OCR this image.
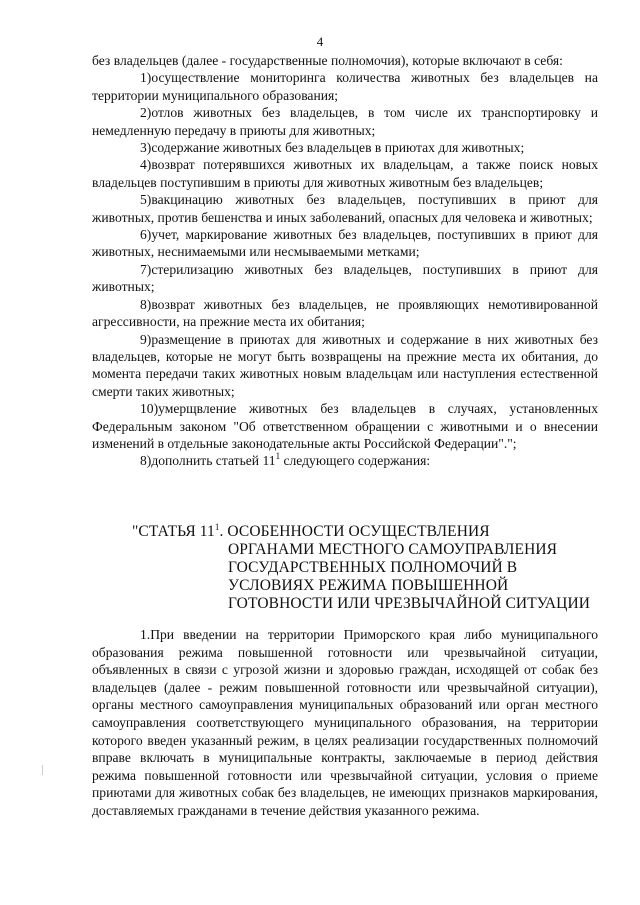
4

без владельцев (далее - государственные полномочия), которые включают в себя:

1)осуществление мониторинга количества животных без владельцев на территории муниципального образования;

2)отлов животных без владельцев, в том числе их транспортировку и немедленную передачу в приюты для животных;

3)содержание животных без владельцев в приютах для животных;

4)возврат потерявшихся животных их владельцам, а также поиск новых владельцев поступившим в приюты для животных животным без владельцев;

5)вакцинацию животных без владельцев, поступивших в приют для животных, против бешенства и иных заболеваний, опасных для человека и животных;

6)учет, маркирование животных без владельцев, поступивших в приют для животных, неснимаемыми или несмываемыми метками;

7)стерилизацию животных без владельцев, поступивших в приют для животных;

8)возврат животных без владельцев, не проявляющих немотивированной агрессивности, на прежние места их обитания;

9)размещение в приютах для животных и содержание в них животных без владельцев, которые не могут быть возвращены на прежние места их обитания, до момента передачи таких животных новым владельцам или наступления естественной смерти таких животных;

10)умерщвление животных без владельцев в случаях, установленных Федеральным законом "Об ответственном обращении с животными и о внесении изменений в отдельные законодательные акты Российской Федерации".";

8)дополнить статьей $11^1$ следующего содержания:

"СТАТЬЯ $11^1$. ОСОБЕННОСТИ ОСУЩЕСТВЛЕНИЯ
ОРГАНАМИ МЕСТНОГО САМОУПРАВЛЕНИЯ
ГОСУДАРСТВЕННЫХ ПОЛНОМОЧИЙ В
УСЛОВИЯХ РЕЖИМА ПОВЫШЕННОЙ
ГОТОВНОСТИ ИЛИ ЧРЕЗВЫЧАЙНОЙ СИТУАЦИИ

1.При введении на территории Приморского края либо муниципального образования режима повышенной готовности или чрезвычайной ситуации, объявленных в связи с угрозой жизни и здоровью граждан, исходящей от собак без владельцев (далее - режим повышенной готовности или чрезвычайной ситуации), органы местного самоуправления муниципальных образований или орган местного самоуправления соответствующего муниципального образования, на территории которого введен указанный режим, в целях реализации государственных полномочий вправе включать в муниципальные контракты, заключаемые в период действия режима повышенной готовности или чрезвычайной ситуации, условия о приеме приютами для животных собак без владельцев, не имеющих признаков маркирования, доставляемых гражданами в течение действия указанного режима.
